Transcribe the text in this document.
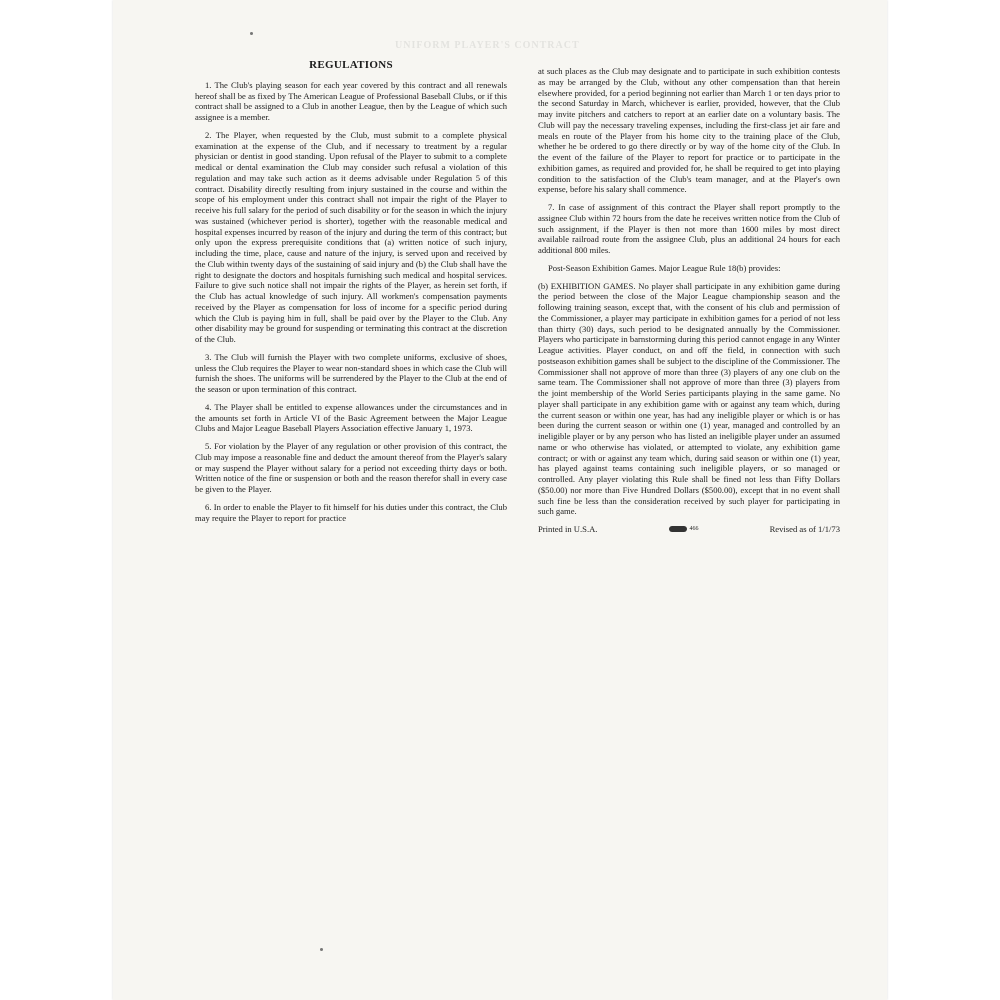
UNIFORM PLAYER'S CONTRACT
REGULATIONS

1. The Club's playing season for each year covered by this contract and all renewals hereof shall be as fixed by The American League of Professional Baseball Clubs, or if this contract shall be assigned to a Club in another League, then by the League of which such assignee is a member.

2. The Player, when requested by the Club, must submit to a complete physical examination at the expense of the Club, and if necessary to treatment by a regular physician or dentist in good standing. Upon refusal of the Player to submit to a complete medical or dental examination the Club may consider such refusal a violation of this regulation and may take such action as it deems advisable under Regulation 5 of this contract. Disability directly resulting from injury sustained in the course and within the scope of his employment under this contract shall not impair the right of the Player to receive his full salary for the period of such disability or for the season in which the injury was sustained (whichever period is shorter), together with the reasonable medical and hospital expenses incurred by reason of the injury and during the term of this contract; but only upon the express prerequisite conditions that (a) written notice of such injury, including the time, place, cause and nature of the injury, is served upon and received by the Club within twenty days of the sustaining of said injury and (b) the Club shall have the right to designate the doctors and hospitals furnishing such medical and hospital services. Failure to give such notice shall not impair the rights of the Player, as herein set forth, if the Club has actual knowledge of such injury. All workmen's compensation payments received by the Player as compensation for loss of income for a specific period during which the Club is paying him in full, shall be paid over by the Player to the Club. Any other disability may be ground for suspending or terminating this contract at the discretion of the Club.

3. The Club will furnish the Player with two complete uniforms, exclusive of shoes, unless the Club requires the Player to wear non-standard shoes in which case the Club will furnish the shoes. The uniforms will be surrendered by the Player to the Club at the end of the season or upon termination of this contract.

4. The Player shall be entitled to expense allowances under the circumstances and in the amounts set forth in Article VI of the Basic Agreement between the Major League Clubs and Major League Baseball Players Association effective January 1, 1973.

5. For violation by the Player of any regulation or other provision of this contract, the Club may impose a reasonable fine and deduct the amount thereof from the Player's salary or may suspend the Player without salary for a period not exceeding thirty days or both. Written notice of the fine or suspension or both and the reason therefor shall in every case be given to the Player.

6. In order to enable the Player to fit himself for his duties under this contract, the Club may require the Player to report for practice

at such places as the Club may designate and to participate in such exhibition contests as may be arranged by the Club, without any other compensation than that herein elsewhere provided, for a period beginning not earlier than March 1 or ten days prior to the second Saturday in March, whichever is earlier, provided, however, that the Club may invite pitchers and catchers to report at an earlier date on a voluntary basis. The Club will pay the necessary traveling expenses, including the first-class jet air fare and meals en route of the Player from his home city to the training place of the Club, whether he be ordered to go there directly or by way of the home city of the Club. In the event of the failure of the Player to report for practice or to participate in the exhibition games, as required and provided for, he shall be required to get into playing condition to the satisfaction of the Club's team manager, and at the Player's own expense, before his salary shall commence.

7. In case of assignment of this contract the Player shall report promptly to the assignee Club within 72 hours from the date he receives written notice from the Club of such assignment, if the Player is then not more than 1600 miles by most direct available railroad route from the assignee Club, plus an additional 24 hours for each additional 800 miles.

Post-Season Exhibition Games. Major League Rule 18(b) provides:

(b) EXHIBITION GAMES. No player shall participate in any exhibition game during the period between the close of the Major League championship season and the following training season, except that, with the consent of his club and permission of the Commissioner, a player may participate in exhibition games for a period of not less than thirty (30) days, such period to be designated annually by the Commissioner. Players who participate in barnstorming during this period cannot engage in any Winter League activities. Player conduct, on and off the field, in connection with such postseason exhibition games shall be subject to the discipline of the Commissioner. The Commissioner shall not approve of more than three (3) players of any one club on the same team. The Commissioner shall not approve of more than three (3) players from the joint membership of the World Series participants playing in the same game. No player shall participate in any exhibition game with or against any team which, during the current season or within one year, has had any ineligible player or which is or has been during the current season or within one (1) year, managed and controlled by an ineligible player or by any person who has listed an ineligible player under an assumed name or who otherwise has violated, or attempted to violate, any exhibition game contract; or with or against any team which, during said season or within one (1) year, has played against teams containing such ineligible players, or so managed or controlled. Any player violating this Rule shall be fined not less than Fifty Dollars ($50.00) nor more than Five Hundred Dollars ($500.00), except that in no event shall such fine be less than the consideration received by such player for participating in such game.

Printed in U.S.A.	466	Revised as of 1/1/73
